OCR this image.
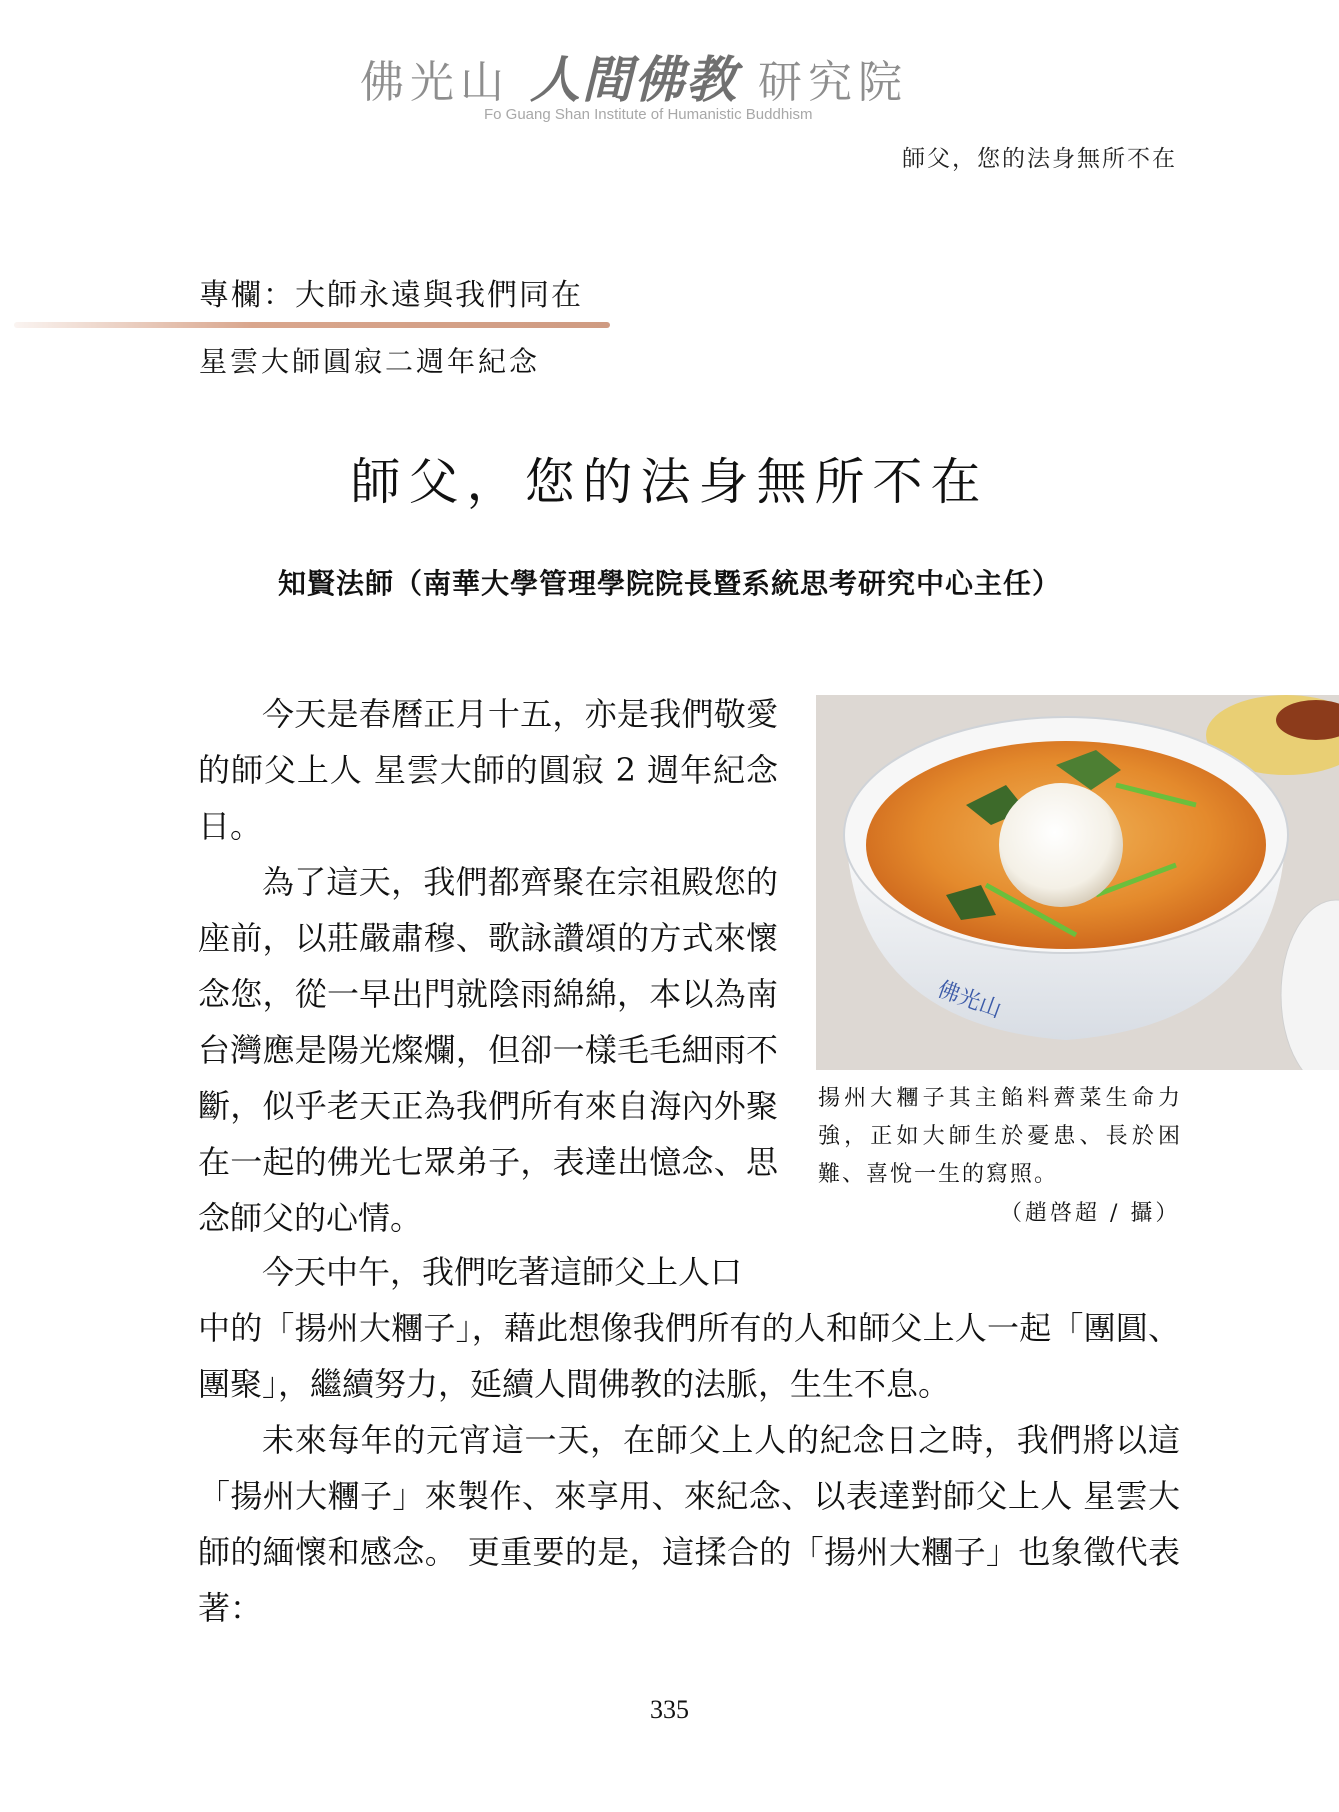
佛光山 人間佛教 研究院
Fo Guang Shan Institute of Humanistic Buddhism
師父，您的法身無所不在
專欄：大師永遠與我們同在
星雲大師圓寂二週年紀念
師父，您的法身無所不在
知賢法師（南華大學管理學院院長暨系統思考研究中心主任）

今天是春曆正月十五，亦是我們敬愛的師父上人 星雲大師的圓寂 2 週年紀念日。

為了這天，我們都齊聚在宗祖殿您的座前，以莊嚴肅穆、歌詠讚頌的方式來懷念您，從一早出門就陰雨綿綿，本以為南台灣應是陽光燦爛，但卻一樣毛毛細雨不斷，似乎老天正為我們所有來自海內外聚在一起的佛光七眾弟子，表達出憶念、思念師父的心情。

今天中午，我們吃著這師父上人口
中的「揚州大糰子」，藉此想像我們所有的人和師父上人一起「團圓、團聚」，繼續努力，延續人間佛教的法脈，生生不息。

未來每年的元宵這一天，在師父上人的紀念日之時，我們將以這「揚州大糰子」來製作、來享用、來紀念、以表達對師父上人 星雲大師的緬懷和感念。 更重要的是，這揉合的「揚州大糰子」也象徵代表著：

佛光山
揚州大糰子其主餡料薺菜生命力強，正如大師生於憂患、長於困難、喜悅一生的寫照。
（趙啓超 / 攝）
335
